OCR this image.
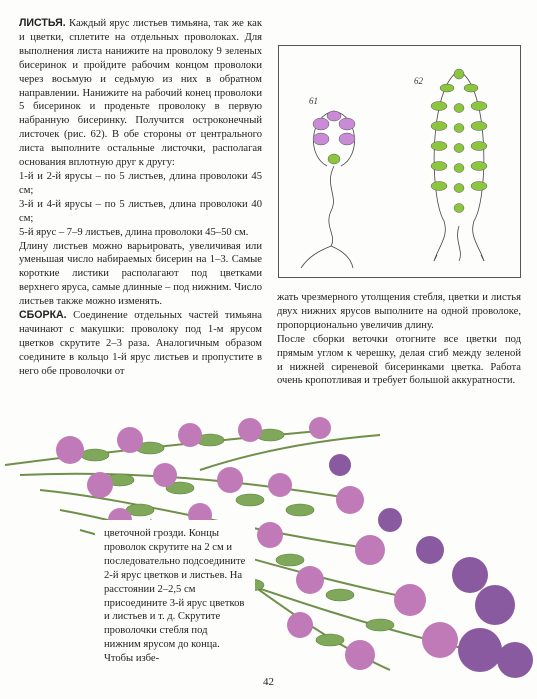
ЛИСТЬЯ. Каждый ярус листьев тимьяна, так же как и цветки, сплетите на отдельных проволоках. Для выполнения листа нанижите на проволоку 9 зеленых бисеринок и пройдите рабочим концом проволоки через восьмую и седьмую из них в обратном направлении. Нанижите на рабочий конец проволоки 5 бисеринок и проденьте проволоку в первую набранную бисеринку. Получится остроконечный листочек (рис. 62). В обе стороны от центрального листа выполните остальные листочки, располагая основания вплотную друг к другу:

1-й и 2-й ярусы – по 5 листьев, длина проволоки 45 см;

3-й и 4-й ярусы – по 5 листьев, длина проволоки 40 см;

5-й ярус – 7–9 листьев, длина проволоки 45–50 см.

Длину листьев можно варьировать, увеличивая или уменьшая число набираемых бисерин на 1–3. Самые короткие листики располагают под цветками верхнего яруса, самые длинные – под нижним. Число листьев также можно изменять.

СБОРКА. Соединение отдельных частей тимьяна начинают с макушки: проволоку под 1-м ярусом цветков скрутите 2–3 раза. Аналогичным образом соедините в кольцо 1-й ярус листьев и пропустите в него обе проволочки от

61
62

жать чрезмерного утолщения стебля, цветки и листья двух нижних ярусов выполните на одной проволоке, пропорционально увеличив длину.

После сборки веточки отогните все цветки под прямым углом к черешку, делая сгиб между зеленой и нижней сиреневой бисеринками цветка. Работа очень кропотливая и требует большой аккуратности.

цветочной грозди. Концы проволок скрутите на 2 см и последовательно подсоедините 2-й ярус цветков и листьев. На расстоянии 2–2,5 см присоедините 3-й ярус цветков и листьев и т. д. Скрутите проволочки стебля под нижним ярусом до конца. Чтобы избе-

42
